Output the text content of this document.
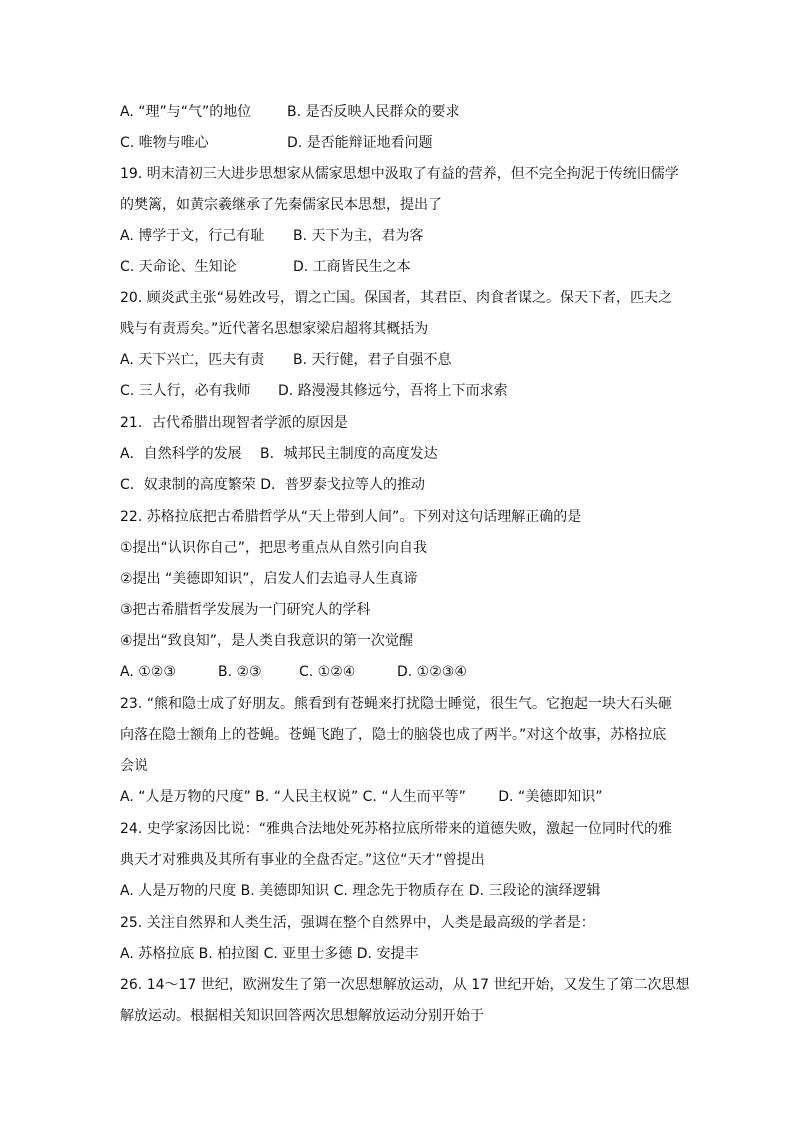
A. “理”与“气”的地位	B. 是否反映人民群众的要求
C. 唯物与唯心	D. 是否能辩证地看问题
19. 明末清初三大进步思想家从儒家思想中汲取了有益的营养，但不完全拘泥于传统旧儒学
的樊篱，如黄宗羲继承了先秦儒家民本思想，提出了
A. 博学于文，行己有耻 B. 天下为主，君为客
C. 天命论、生知论	D. 工商皆民生之本
20. 顾炎武主张“易姓改号，谓之亡国。保国者，其君臣、肉食者谋之。保天下者，匹夫之
贱与有责焉矣。”近代著名思想家梁启超将其概括为
A. 天下兴亡，匹夫有责 B. 天行健，君子自强不息
C. 三人行，必有我师 D. 路漫漫其修远兮，吾将上下而求索
21．古代希腊出现智者学派的原因是
A．自然科学的发展　 B．城邦民主制度的高度发达
C．奴隶制的高度繁荣 D．普罗泰戈拉等人的推动
22. 苏格拉底把古希腊哲学从“天上带到人间”。下列对这句话理解正确的是
①提出“认识你自己”，把思考重点从自然引向自我
②提出 “美德即知识”，启发人们去追寻人生真谛
③把古希腊哲学发展为一门研究人的学科
④提出“致良知”，是人类自我意识的第一次觉醒
A. ①②③	B. ②③	C. ①②④	D. ①②③④
23. “熊和隐士成了好朋友。熊看到有苍蝇来打扰隐士睡觉，很生气。它抱起一块大石头砸
向落在隐士额角上的苍蝇。苍蝇飞跑了，隐士的脑袋也成了两半。”对这个故事，苏格拉底
会说
A. “人是万物的尺度” B. “人民主权说” C. “人生而平等”　　 D. “美德即知识”
24. 史学家汤因比说：“雅典合法地处死苏格拉底所带来的道德失败，激起一位同时代的雅
典天才对雅典及其所有事业的全盘否定。”这位“天才”曾提出
A. 人是万物的尺度 B. 美德即知识 C. 理念先于物质存在 D. 三段论的演绎逻辑
25. 关注自然界和人类生活，强调在整个自然界中，人类是最高级的学者是：
A. 苏格拉底 B. 柏拉图 C. 亚里士多德 D. 安提丰
26. 14～17 世纪，欧洲发生了第一次思想解放运动，从 17 世纪开始，又发生了第二次思想
解放运动。根据相关知识回答两次思想解放运动分别开始于
